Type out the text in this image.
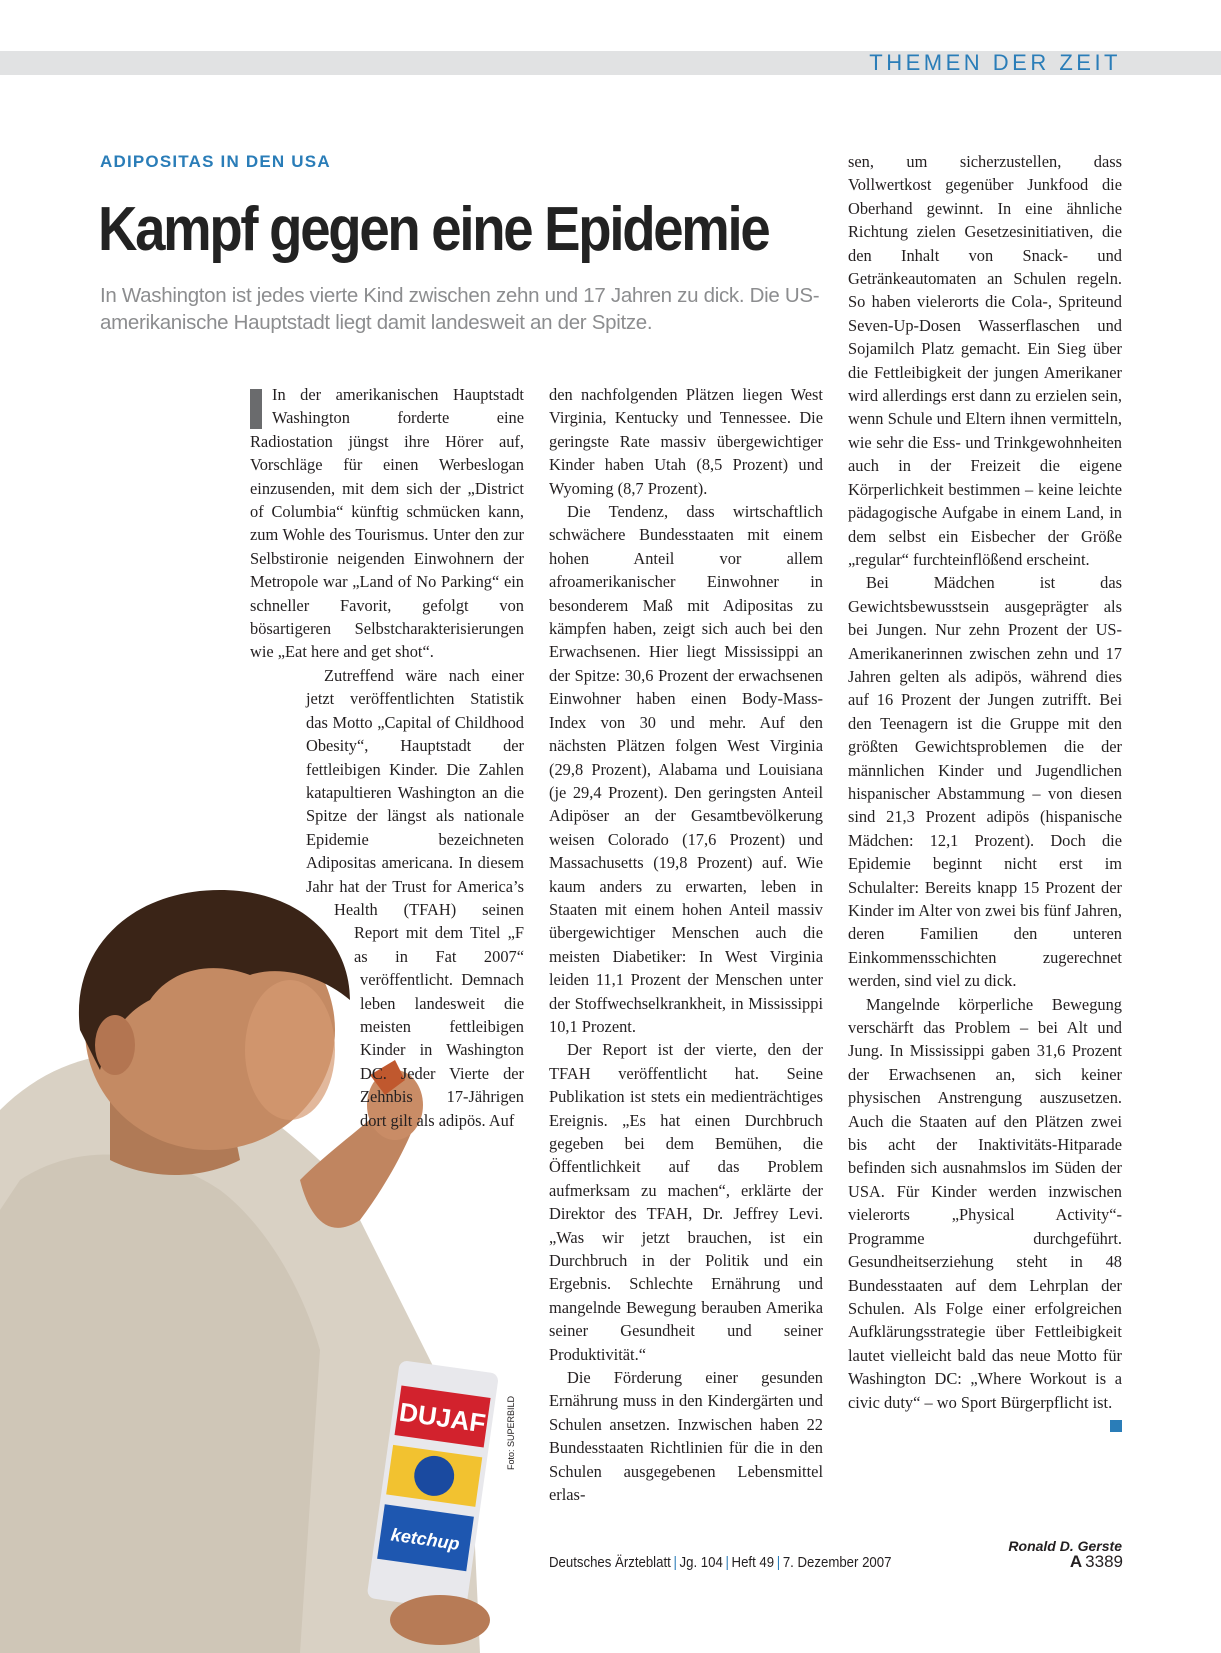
THEMEN DER ZEIT
ADIPOSITAS IN DEN USA
Kampf gegen eine Epidemie
In Washington ist jedes vierte Kind zwischen zehn und 17 Jahren zu dick. Die US-amerikanische Hauptstadt liegt damit landesweit an der Spitze.
DUJAF
ketchup
Foto: SUPERBILD

In der amerikanischen Hauptstadt Washington forderte eine Radiostation jüngst ihre Hörer auf, Vorschläge für einen Werbeslogan einzusenden, mit dem sich der „District of Columbia“ künftig schmücken kann, zum Wohle des Tourismus. Unter den zur Selbstironie neigenden Einwohnern der Metropole war „Land of No Parking“ ein schneller Favorit, gefolgt von bösartigeren Selbstcharakterisierungen wie „Eat here and get shot“.

Zutreffend wäre nach einer jetzt veröffentlichten Statistik das Motto „Capital of Childhood Obesity“, Hauptstadt der fettleibigen Kinder. Die Zahlen katapultieren Washington an die Spitze der längst als nationale Epidemie bezeichneten Adipositas americana. In diesem Jahr hat der Trust for America’s Health (TFAH) seinen Report mit dem Titel „F as in Fat 2007“ veröffentlicht. Demnach leben landesweit die meisten fettleibigen Kinder in Washington DC. Jeder Vierte der Zehnbis 17-Jährigen dort gilt als adipös. Auf

den nachfolgenden Plätzen liegen West Virginia, Kentucky und Tennessee. Die geringste Rate massiv übergewichtiger Kinder haben Utah (8,5 Prozent) und Wyoming (8,7 Prozent).

Die Tendenz, dass wirtschaftlich schwächere Bundesstaaten mit einem hohen Anteil vor allem afroamerikanischer Einwohner in besonderem Maß mit Adipositas zu kämpfen haben, zeigt sich auch bei den Erwachsenen. Hier liegt Mississippi an der Spitze: 30,6 Prozent der erwachsenen Einwohner haben einen Body-Mass-Index von 30 und mehr. Auf den nächsten Plätzen folgen West Virginia (29,8 Prozent), Alabama und Louisiana (je 29,4 Prozent). Den geringsten Anteil Adipöser an der Gesamtbevölkerung weisen Colorado (17,6 Prozent) und Massachusetts (19,8 Prozent) auf. Wie kaum anders zu erwarten, leben in Staaten mit einem hohen Anteil massiv übergewichtiger Menschen auch die meisten Diabetiker: In West Virginia leiden 11,1 Prozent der Menschen unter der Stoffwechselkrankheit, in Mississippi 10,1 Prozent.

Der Report ist der vierte, den der TFAH veröffentlicht hat. Seine Publikation ist stets ein medienträchtiges Ereignis. „Es hat einen Durchbruch gegeben bei dem Bemühen, die Öffentlichkeit auf das Problem aufmerksam zu machen“, erklärte der Direktor des TFAH, Dr. Jeffrey Levi. „Was wir jetzt brauchen, ist ein Durchbruch in der Politik und ein Ergebnis. Schlechte Ernährung und mangelnde Bewegung berauben Amerika seiner Gesundheit und seiner Produktivität.“

Die Förderung einer gesunden Ernährung muss in den Kindergärten und Schulen ansetzen. Inzwischen haben 22 Bundesstaaten Richtlinien für die in den Schulen ausgegebenen Lebensmittel erlas-

sen, um sicherzustellen, dass Vollwertkost gegenüber Junkfood die Oberhand gewinnt. In eine ähnliche Richtung zielen Gesetzesinitiativen, die den Inhalt von Snack- und Getränkeautomaten an Schulen regeln. So haben vielerorts die Cola-, Spriteund Seven-Up-Dosen Wasserflaschen und Sojamilch Platz gemacht. Ein Sieg über die Fettleibigkeit der jungen Amerikaner wird allerdings erst dann zu erzielen sein, wenn Schule und Eltern ihnen vermitteln, wie sehr die Ess- und Trinkgewohnheiten auch in der Freizeit die eigene Körperlichkeit bestimmen – keine leichte pädagogische Aufgabe in einem Land, in dem selbst ein Eisbecher der Größe „regular“ furchteinflößend erscheint.

Bei Mädchen ist das Gewichtsbewusstsein ausgeprägter als bei Jungen. Nur zehn Prozent der US-Amerikanerinnen zwischen zehn und 17 Jahren gelten als adipös, während dies auf 16 Prozent der Jungen zutrifft. Bei den Teenagern ist die Gruppe mit den größten Gewichtsproblemen die der männlichen Kinder und Jugendlichen hispanischer Abstammung – von diesen sind 21,3 Prozent adipös (hispanische Mädchen: 12,1 Prozent). Doch die Epidemie beginnt nicht erst im Schulalter: Bereits knapp 15 Prozent der Kinder im Alter von zwei bis fünf Jahren, deren Familien den unteren Einkommensschichten zugerechnet werden, sind viel zu dick.

Mangelnde körperliche Bewegung verschärft das Problem – bei Alt und Jung. In Mississippi gaben 31,6 Prozent der Erwachsenen an, sich keiner physischen Anstrengung auszusetzen. Auch die Staaten auf den Plätzen zwei bis acht der Inaktivitäts-Hitparade befinden sich ausnahmslos im Süden der USA. Für Kinder werden inzwischen vielerorts „Physical Activity“-Programme durchgeführt. Gesundheitserziehung steht in 48 Bundesstaaten auf dem Lehrplan der Schulen. Als Folge einer erfolgreichen Aufklärungsstrategie über Fettleibigkeit lautet vielleicht bald das neue Motto für Washington DC: „Where Workout is a civic duty“ – wo Sport Bürgerpflicht ist.

Ronald D. Gerste
Deutsches Ärzteblatt | Jg. 104 | Heft 49 | 7. Dezember 2007	A 3389
